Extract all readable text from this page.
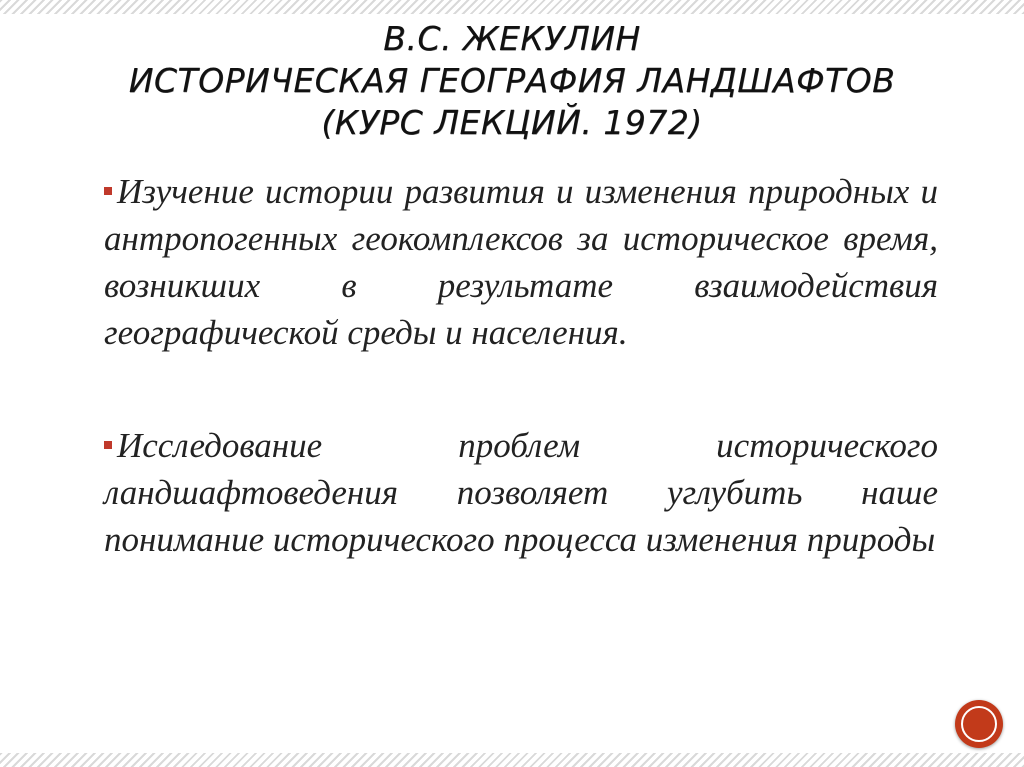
В.С. ЖЕКУЛИН
ИСТОРИЧЕСКАЯ ГЕОГРАФИЯ ЛАНДШАФТОВ
(КУРС ЛЕКЦИЙ. 1972)

Изучение истории развития и изменения природных и антропогенных геокомплексов за историческое время, возникших в результате взаимодействия географической среды и населения.

Исследование проблем исторического ландшафтоведения позволяет углубить наше понимание исторического процесса изменения природы
